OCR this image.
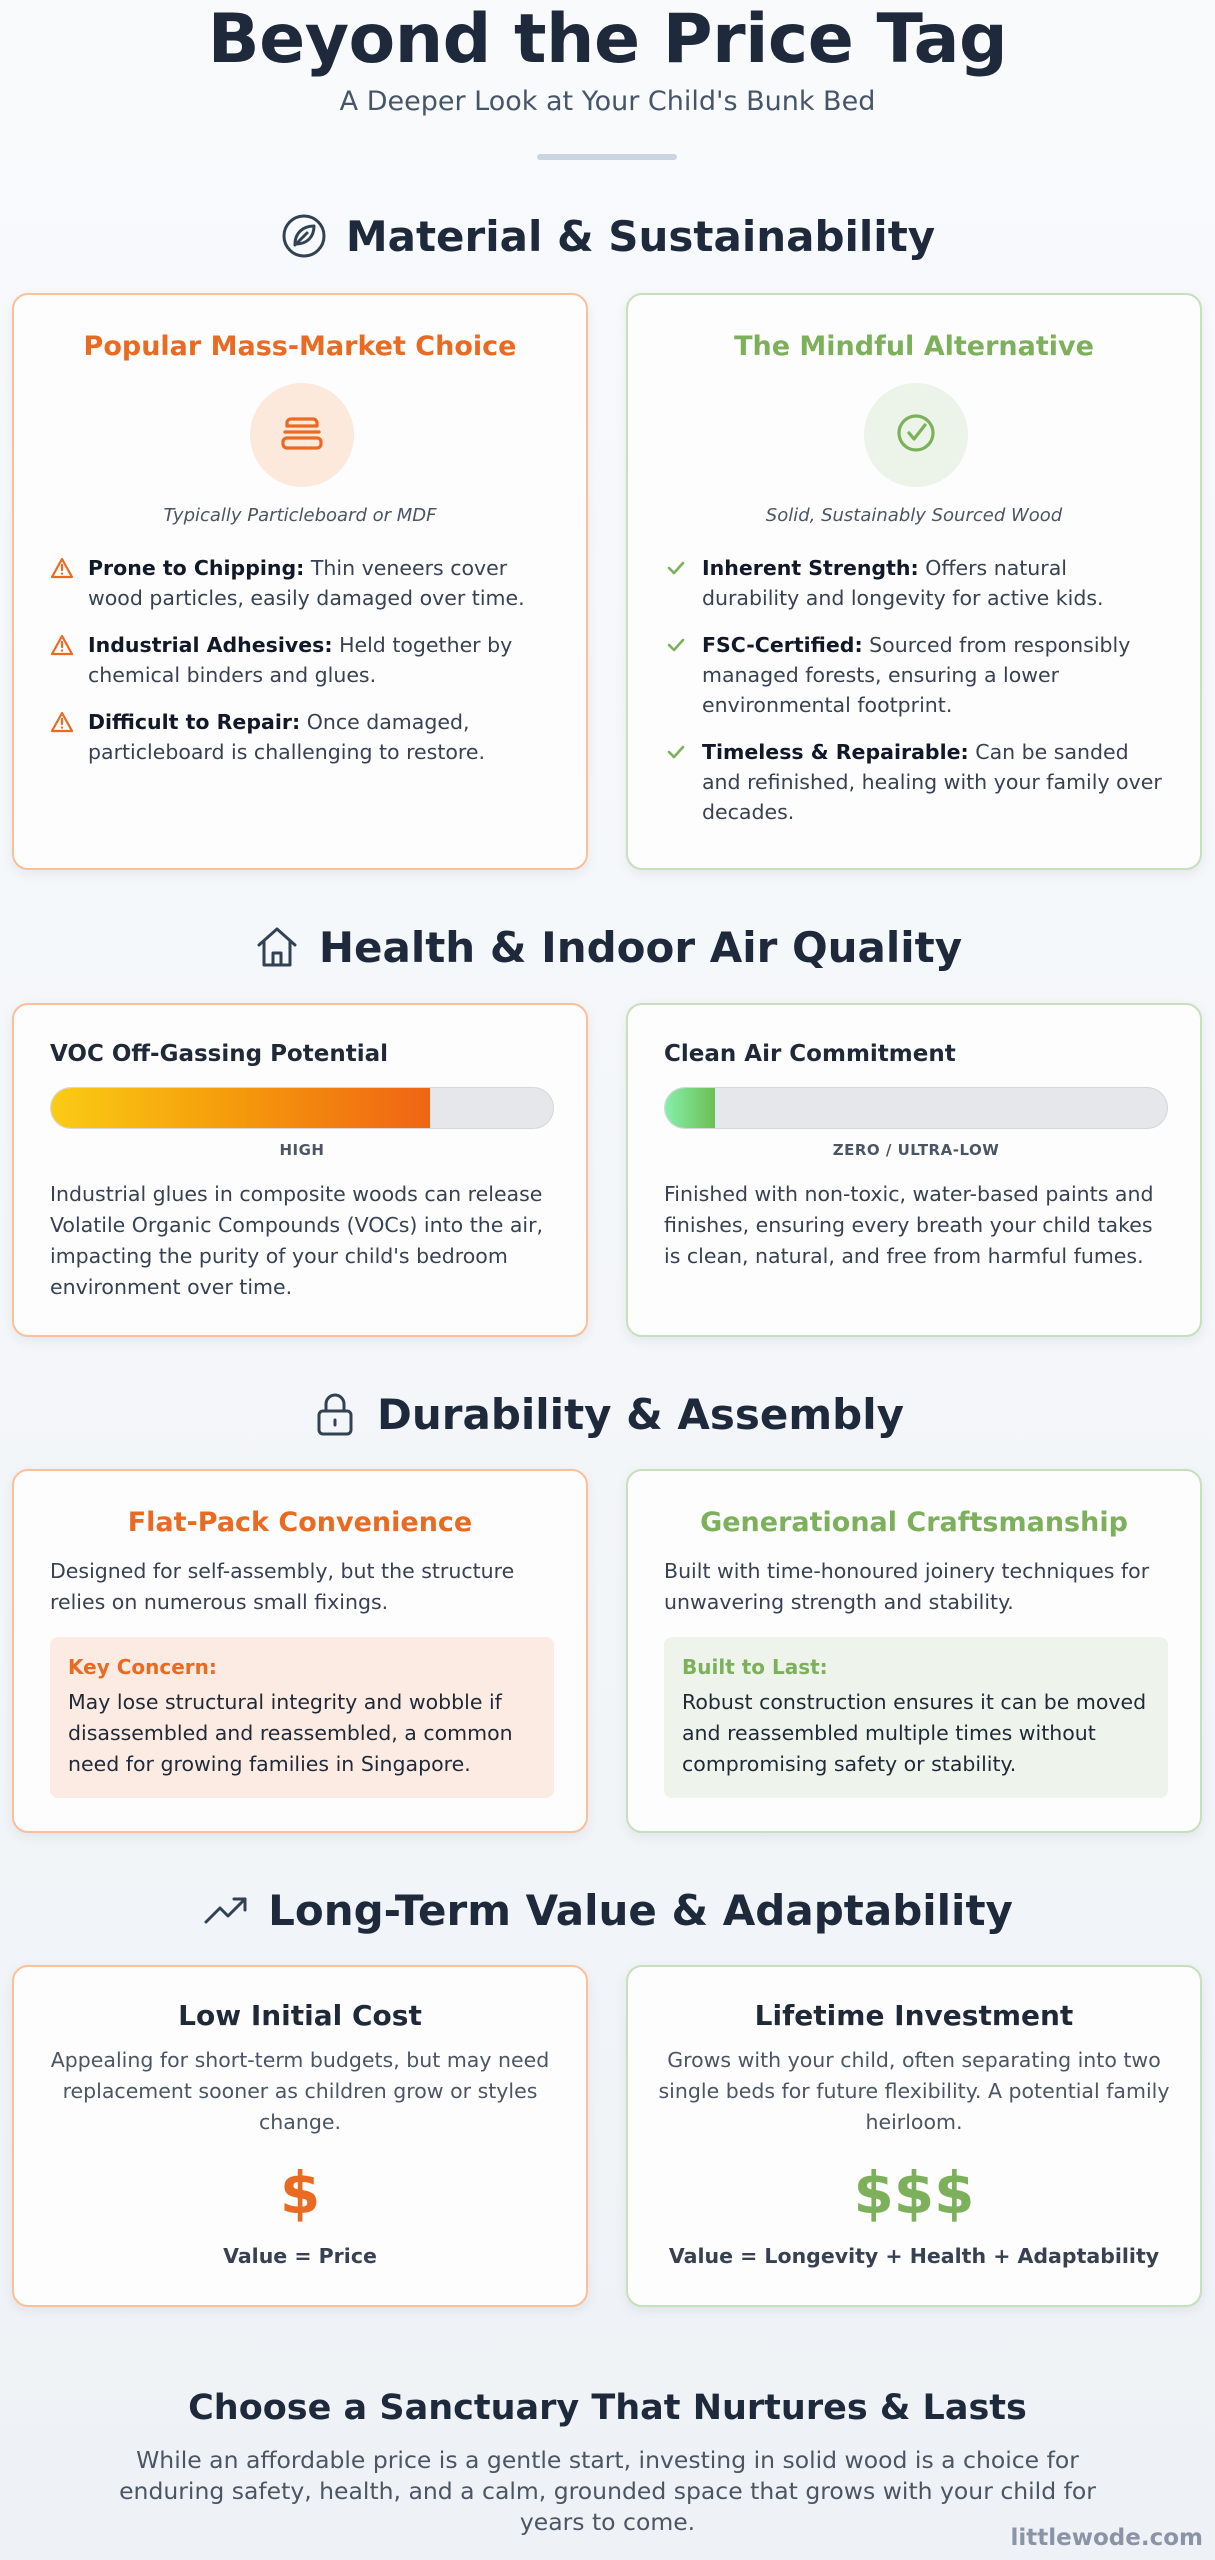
Beyond the Price Tag
A Deeper Look at Your Child's Bunk Bed
Material & Sustainability
Popular Mass-Market Choice
Typically Particleboard or MDF
Prone to Chipping: Thin veneers cover wood particles, easily damaged over time.
Industrial Adhesives: Held together by chemical binders and glues.
Difficult to Repair: Once damaged, particleboard is challenging to restore.
The Mindful Alternative
Solid, Sustainably Sourced Wood
Inherent Strength: Offers natural durability and longevity for active kids.
FSC-Certified: Sourced from responsibly managed forests, ensuring a lower environmental footprint.
Timeless & Repairable: Can be sanded and refinished, healing with your family over decades.
Health & Indoor Air Quality
VOC Off-Gassing Potential
HIGH
Industrial glues in composite woods can release Volatile Organic Compounds (VOCs) into the air, impacting the purity of your child's bedroom environment over time.
Clean Air Commitment
ZERO / ULTRA-LOW
Finished with non-toxic, water-based paints and finishes, ensuring every breath your child takes is clean, natural, and free from harmful fumes.
Durability & Assembly
Flat-Pack Convenience
Designed for self-assembly, but the structure relies on numerous small fixings.
Key Concern:
May lose structural integrity and wobble if disassembled and reassembled, a common need for growing families in Singapore.
Generational Craftsmanship
Built with time-honoured joinery techniques for unwavering strength and stability.
Built to Last:
Robust construction ensures it can be moved and reassembled multiple times without compromising safety or stability.
Long-Term Value & Adaptability
Low Initial Cost
Appealing for short-term budgets, but may need replacement sooner as children grow or styles change.
$
Value = Price
Lifetime Investment
Grows with your child, often separating into two single beds for future flexibility. A potential family heirloom.
$$$
Value = Longevity + Health + Adaptability
Choose a Sanctuary That Nurtures & Lasts
While an affordable price is a gentle start, investing in solid wood is a choice for enduring safety, health, and a calm, grounded space that grows with your child for years to come.
littlewode.com
